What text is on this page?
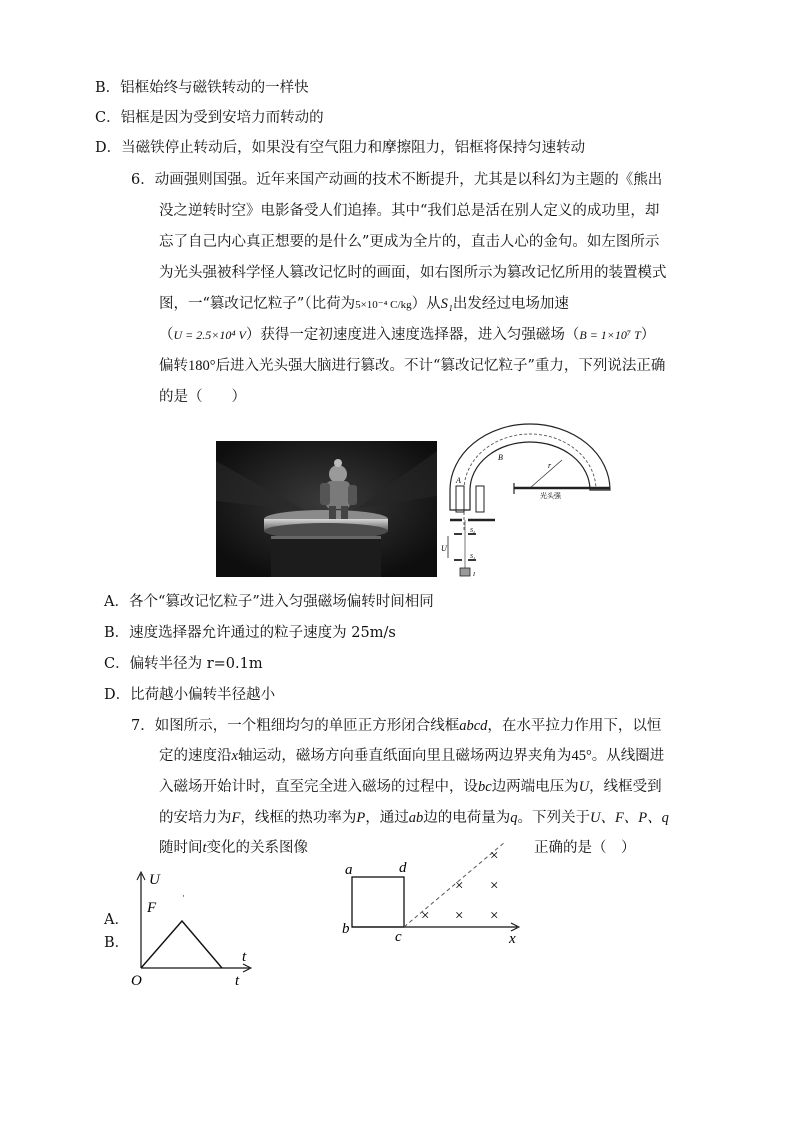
B．铝框始终与磁铁转动的一样快
C．铝框是因为受到安培力而转动的
D．当磁铁停止转动后，如果没有空气阻力和摩擦阻力，铝框将保持匀速转动
6．动画强则国强。近年来国产动画的技术不断提升，尤其是以科幻为主题的《熊出
没之逆转时空》电影备受人们追捧。其中“我们总是活在别人定义的成功里，却
忘了自己内心真正想要的是什么”更成为全片的，直击人心的金句。如左图所示
为光头强被科学怪人篡改记忆时的画面，如右图所示为篡改记忆所用的装置模式
图，一“篡改记忆粒子”（比荷为5×10⁻⁴ C/kg）从S₁出发经过电场加速
（U = 2.5×10⁴ V）获得一定初速度进入速度选择器，进入匀强磁场（B = 1×10⁷ T）
偏转180°后进入光头强大脑进行篡改。不计“篡改记忆粒子”重力，下列说法正确
的是（　　）
A
B
r
光头强
S₂
S₁
U
I
A．各个“篡改记忆粒子”进入匀强磁场偏转时间相同
B．速度选择器允许通过的粒子速度为 25m/s
C．偏转半径为 r=0.1m
D．比荷越小偏转半径越小
7．如图所示，一个粗细均匀的单匝正方形闭合线框abcd，在水平拉力作用下，以恒
定的速度沿x轴运动，磁场方向垂直纸面向里且磁场两边界夹角为45°。从线圈进
入磁场开始计时，直至完全进入磁场的过程中，设bc边两端电压为U，线框受到
的安培力为F，线框的热功率为P，通过ab边的电荷量为q。下列关于U、F、P、q
随时间t变化的关系图像	正确的是（　）
×
× ×
× × ×
a	d
b	c	x
A．
B．
·
U
F
O
t
t
